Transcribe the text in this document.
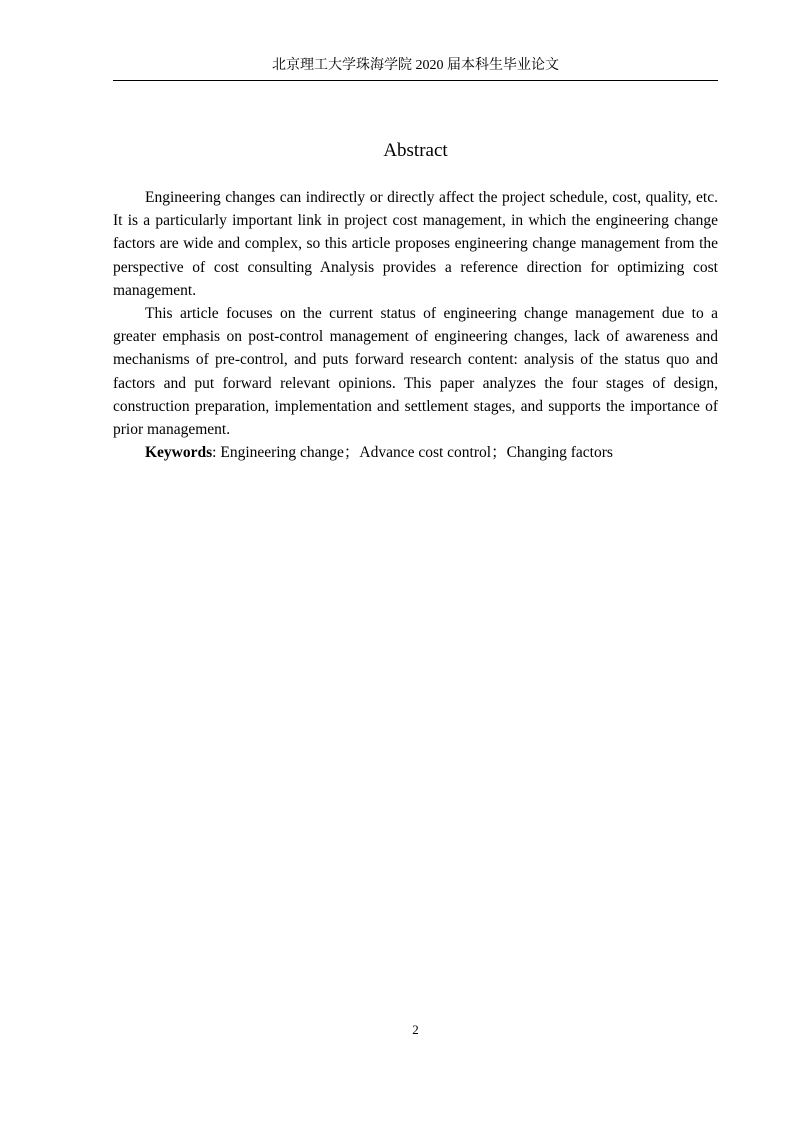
北京理工大学珠海学院 2020 届本科生毕业论文
Abstract

Engineering changes can indirectly or directly affect the project schedule, cost, quality, etc. It is a particularly important link in project cost management, in which the engineering change factors are wide and complex, so this article proposes engineering change management from the perspective of cost consulting Analysis provides a reference direction for optimizing cost management.

This article focuses on the current status of engineering change management due to a greater emphasis on post-control management of engineering changes, lack of awareness and mechanisms of pre-control, and puts forward research content: analysis of the status quo and factors and put forward relevant opinions. This paper analyzes the four stages of design, construction preparation, implementation and settlement stages, and supports the importance of prior management.

Keywords: Engineering change；Advance cost control；Changing factors

2
